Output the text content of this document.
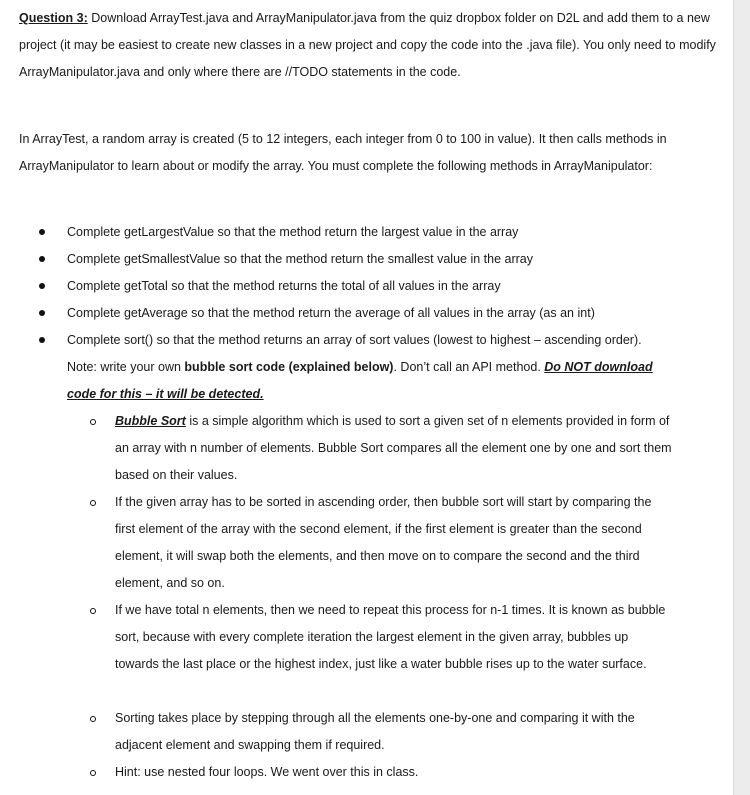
Question 3: Download ArrayTest.java and ArrayManipulator.java from the quiz dropbox folder on D2L and add them to a new project (it may be easiest to create new classes in a new project and copy the code into the .java file). You only need to modify ArrayManipulator.java and only where there are //TODO statements in the code.
In ArrayTest, a random array is created (5 to 12 integers, each integer from 0 to 100 in value). It then calls methods in ArrayManipulator to learn about or modify the array. You must complete the following methods in ArrayManipulator:
Complete getLargestValue so that the method return the largest value in the array
Complete getSmallestValue so that the method return the smallest value in the array
Complete getTotal so that the method returns the total of all values in the array
Complete getAverage so that the method return the average of all values in the array (as an int)
Complete sort() so that the method returns an array of sort values (lowest to highest – ascending order). Note: write your own bubble sort code (explained below). Don’t call an API method. Do NOT download code for this – it will be detected.
Bubble Sort is a simple algorithm which is used to sort a given set of n elements provided in form of an array with n number of elements. Bubble Sort compares all the element one by one and sort them based on their values.
If the given array has to be sorted in ascending order, then bubble sort will start by comparing the first element of the array with the second element, if the first element is greater than the second element, it will swap both the elements, and then move on to compare the second and the third element, and so on.
If we have total n elements, then we need to repeat this process for n-1 times. It is known as bubble sort, because with every complete iteration the largest element in the given array, bubbles up towards the last place or the highest index, just like a water bubble rises up to the water surface.
Sorting takes place by stepping through all the elements one-by-one and comparing it with the adjacent element and swapping them if required.
Hint: use nested four loops. We went over this in class.
